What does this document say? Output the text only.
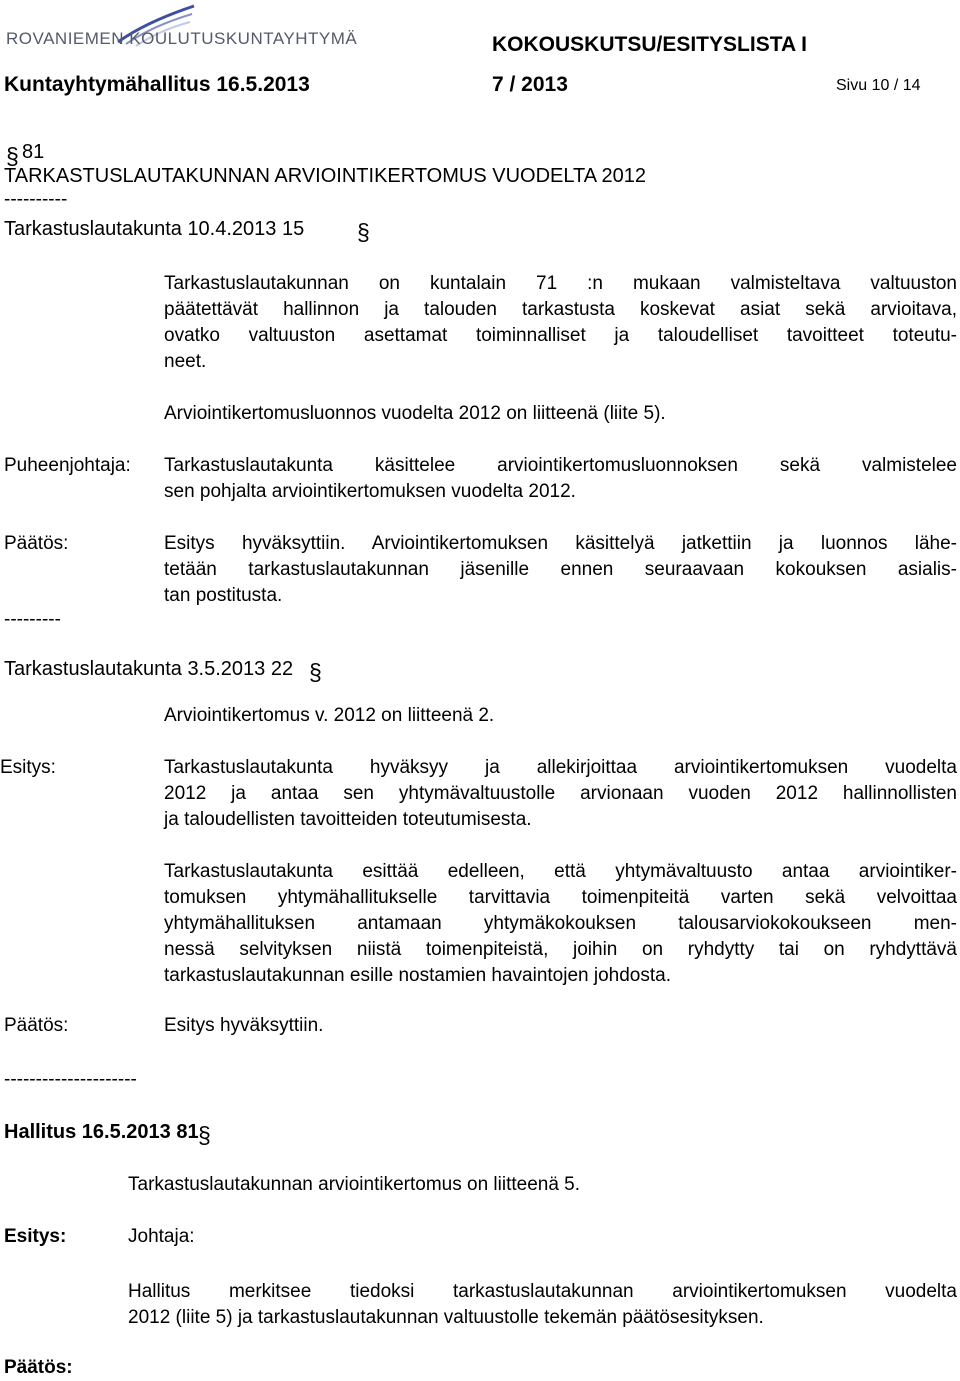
ROVANIEMEN KOULUTUSKUNTAYHTYMÄ	KOKOUSKUTSU/ESITYSLISTA I
Kuntayhtymähallitus 16.5.2013	7 / 2013	Sivu 10 / 14
§ 81
TARKASTUSLAUTAKUNNAN ARVIOINTIKERTOMUS VUODELTA 2012
----------
Tarkastuslautakunta 10.4.2013 15 §
Tarkastuslautakunnan on kuntalain 71 :n mukaan valmisteltava valtuuston
päätettävät hallinnon ja talouden tarkastusta koskevat asiat sekä arvioitava,
ovatko valtuuston asettamat toiminnalliset ja taloudelliset tavoitteet toteutu-
neet.
Arviointikertomusluonnos vuodelta 2012 on liitteenä (liite 5).
Puheenjohtaja: Tarkastuslautakunta käsittelee arviointikertomusluonnoksen sekä valmistelee
sen pohjalta arviointikertomuksen vuodelta 2012.
Päätös:	Esitys hyväksyttiin. Arviointikertomuksen käsittelyä jatkettiin ja luonnos lähe-
tetään tarkastuslautakunnan jäsenille ennen seuraavaan kokouksen asialis-
tan postitusta.
---------
Tarkastuslautakunta 3.5.2013 22 §
Arviointikertomus v. 2012 on liitteenä 2.
Esitys:	Tarkastuslautakunta hyväksyy ja allekirjoittaa arviointikertomuksen vuodelta
2012 ja antaa sen yhtymävaltuustolle arvionaan vuoden 2012 hallinnollisten
ja taloudellisten tavoitteiden toteutumisesta.
Tarkastuslautakunta esittää edelleen, että yhtymävaltuusto antaa arviointiker-
tomuksen yhtymähallitukselle tarvittavia toimenpiteitä varten sekä velvoittaa
yhtymähallituksen antamaan yhtymäkokouksen talousarviokokoukseen men-
nessä selvityksen niistä toimenpiteistä, joihin on ryhdytty tai on ryhdyttävä
tarkastuslautakunnan esille nostamien havaintojen johdosta.
Päätös:	Esitys hyväksyttiin.
---------------------
Hallitus 16.5.2013 81 §
Tarkastuslautakunnan arviointikertomus on liitteenä 5.
Esitys:	Johtaja:
Hallitus merkitsee tiedoksi tarkastuslautakunnan arviointikertomuksen vuodelta
2012 (liite 5) ja tarkastuslautakunnan valtuustolle tekemän päätösesityksen.
Päätös:
